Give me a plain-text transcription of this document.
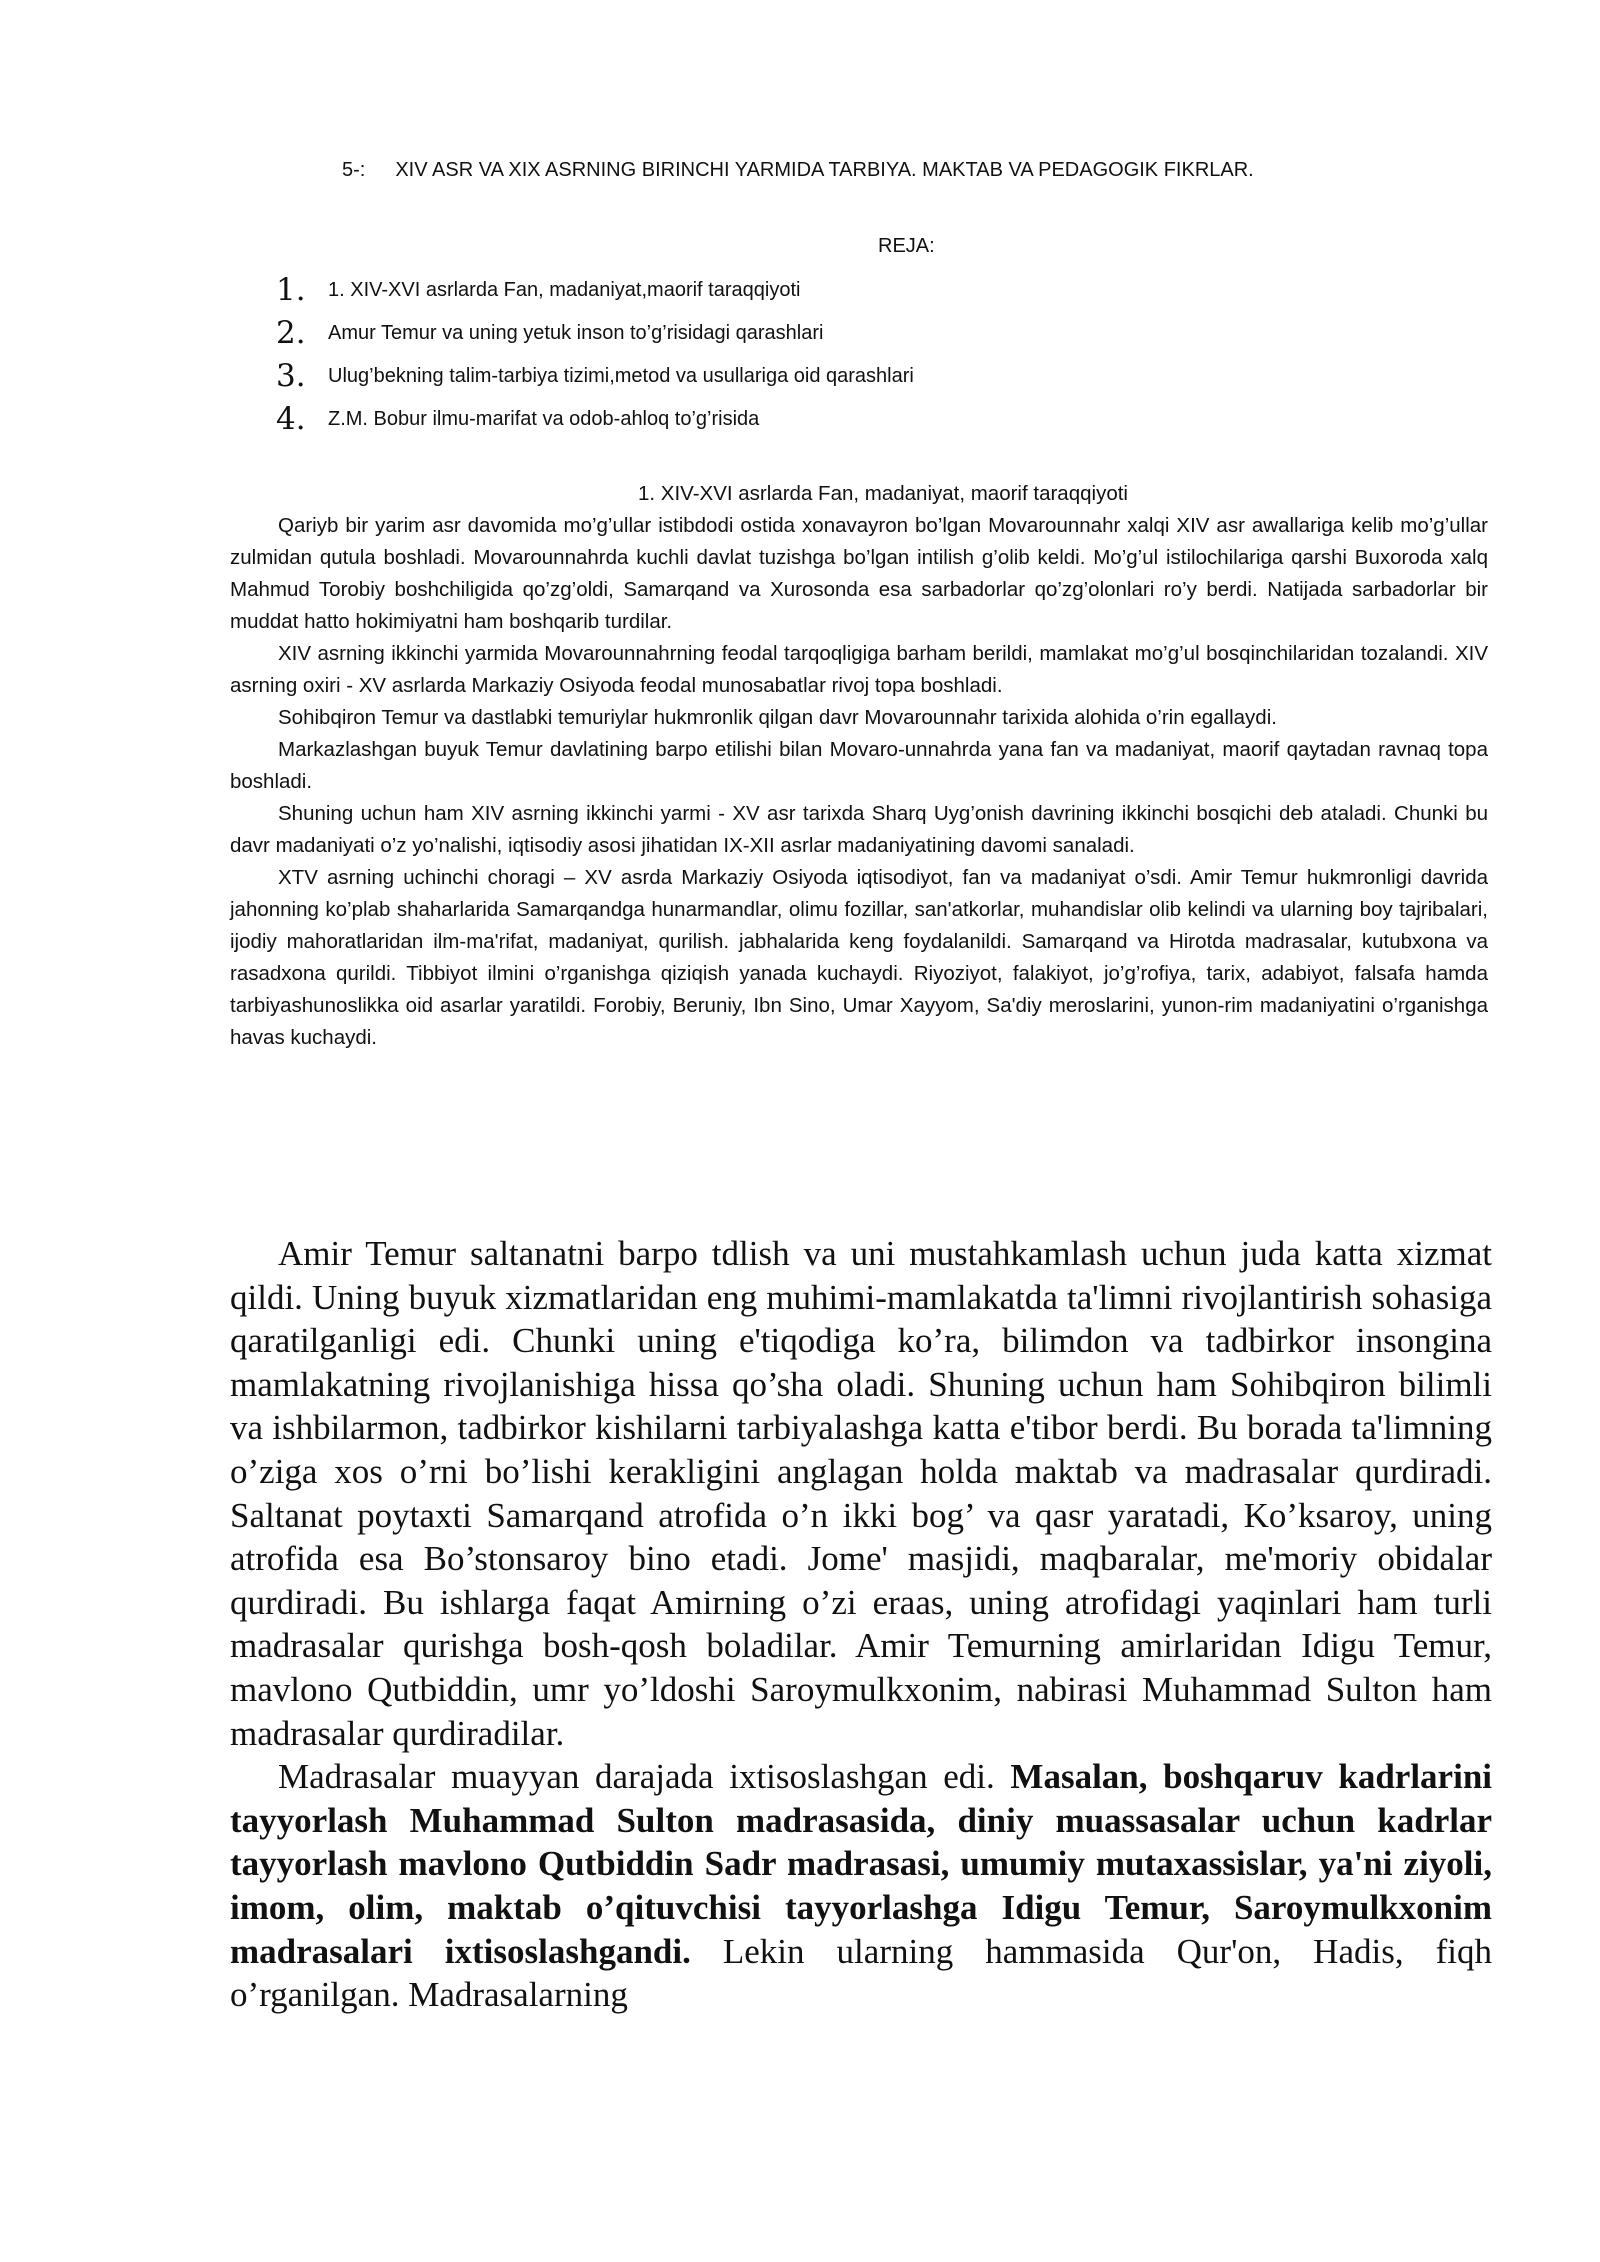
5-: XIV ASR VA XIX ASRNING BIRINCHI YARMIDA TARBIYA. MAKTAB VA PEDAGOGIK FIKRLAR.
REJA:
1.	1. XIV-XVI asrlarda Fan, madaniyat,maorif taraqqiyoti
2.	Amur Temur va uning yetuk inson to’g’risidagi qarashlari
3.	Ulug’bekning talim-tarbiya tizimi,metod va usullariga oid qarashlari
4.	Z.M. Bobur ilmu-marifat va odob-ahloq to’g’risida

1. XIV-XVI asrlarda Fan, madaniyat, maorif taraqqiyoti

Qariyb bir yarim asr davomida mo’g’ullar istibdodi ostida xonavayron bo’lgan Movarounnahr xalqi XIV asr awallariga kelib mo’g’ullar zulmidan qutula boshladi. Movarounnahrda kuchli davlat tuzishga bo’lgan intilish g’olib keldi. Mo’g’ul istilochilariga qarshi Buxoroda xalq Mahmud Torobiy boshchiligida qo’zg’oldi, Samarqand va Xurosonda esa sarbadorlar qo’zg’olonlari ro’y berdi. Natijada sarbadorlar bir muddat hatto hokimiyatni ham boshqarib turdilar.

XIV asrning ikkinchi yarmida Movarounnahrning feodal tarqoqligiga barham berildi, mamlakat mo’g’ul bosqinchilaridan tozalandi. XIV asrning oxiri - XV asrlarda Markaziy Osiyoda feodal munosabatlar rivoj topa boshladi.

Sohibqiron Temur va dastlabki temuriylar hukmronlik qilgan davr Movarounnahr tarixida alohida o’rin egallaydi.

Markazlashgan buyuk Temur davlatining barpo etilishi bilan Movaro-unnahrda yana fan va madaniyat, maorif qaytadan ravnaq topa boshladi.

Shuning uchun ham XIV asrning ikkinchi yarmi - XV asr tarixda Sharq Uyg’onish davrining ikkinchi bosqichi deb ataladi. Chunki bu davr madaniyati o’z yo’nalishi, iqtisodiy asosi jihatidan IX-XII asrlar madaniyatining davomi sanaladi.

XTV asrning uchinchi choragi – XV asrda Markaziy Osiyoda iqtisodiyot, fan va madaniyat o’sdi. Amir Temur hukmronligi davrida jahonning ko’plab shaharlarida Samarqandga hunarmandlar, olimu fozillar, san'atkorlar, muhandislar olib kelindi va ularning boy tajribalari, ijodiy mahoratlaridan ilm-ma'rifat, madaniyat, qurilish. jabhalarida keng foydalanildi. Samarqand va Hirotda madrasalar, kutubxona va rasadxona qurildi. Tibbiyot ilmini o’rganishga qiziqish yanada kuchaydi. Riyoziyot, falakiyot, jo’g’rofiya, tarix, adabiyot, falsafa hamda tarbiyashunoslikka oid asarlar yaratildi. Forobiy, Beruniy, Ibn Sino, Umar Xayyom, Sa'diy meroslarini, yunon-rim madaniyatini o’rganishga havas kuchaydi.

Amir Temur saltanatni barpo tdlish va uni mustahkamlash uchun juda katta xizmat qildi. Uning buyuk xizmatlaridan eng muhimi-mamlakatda ta'limni rivojlantirish sohasiga qaratilganligi edi. Chunki uning e'tiqodiga ko’ra, bilimdon va tadbirkor insongina mamlakatning rivojlanishiga hissa qo’sha oladi. Shuning uchun ham Sohibqiron bilimli va ishbilarmon, tadbirkor kishilarni tarbiyalashga katta e'tibor berdi. Bu borada ta'limning o’ziga xos o’rni bo’lishi kerakligini anglagan holda maktab va madrasalar qurdiradi. Saltanat poytaxti Samarqand atrofida o’n ikki bog’ va qasr yaratadi, Ko’ksaroy, uning atrofida esa Bo’stonsaroy bino etadi. Jome' masjidi, maqbaralar, me'moriy obidalar qurdiradi. Bu ishlarga faqat Amirning o’zi eraas, uning atrofidagi yaqinlari ham turli madrasalar qurishga bosh-qosh boladilar. Amir Temurning amirlaridan Idigu Temur, mavlono Qutbiddin, umr yo’ldoshi Saroymulkxonim, nabirasi Muhammad Sulton ham madrasalar qurdiradilar.

Madrasalar muayyan darajada ixtisoslashgan edi. Masalan, boshqaruv kadrlarini tayyorlash Muhammad Sulton madrasasida, diniy muassasalar uchun kadrlar tayyorlash mavlono Qutbiddin Sadr madrasasi, umumiy mutaxassislar, ya'ni ziyoli, imom, olim, maktab o’qituvchisi tayyorlashga Idigu Temur, Saroymulkxonim madrasalari ixtisoslashgandi. Lekin ularning hammasida Qur'on, Hadis, fiqh o’rganilgan. Madrasalarning
